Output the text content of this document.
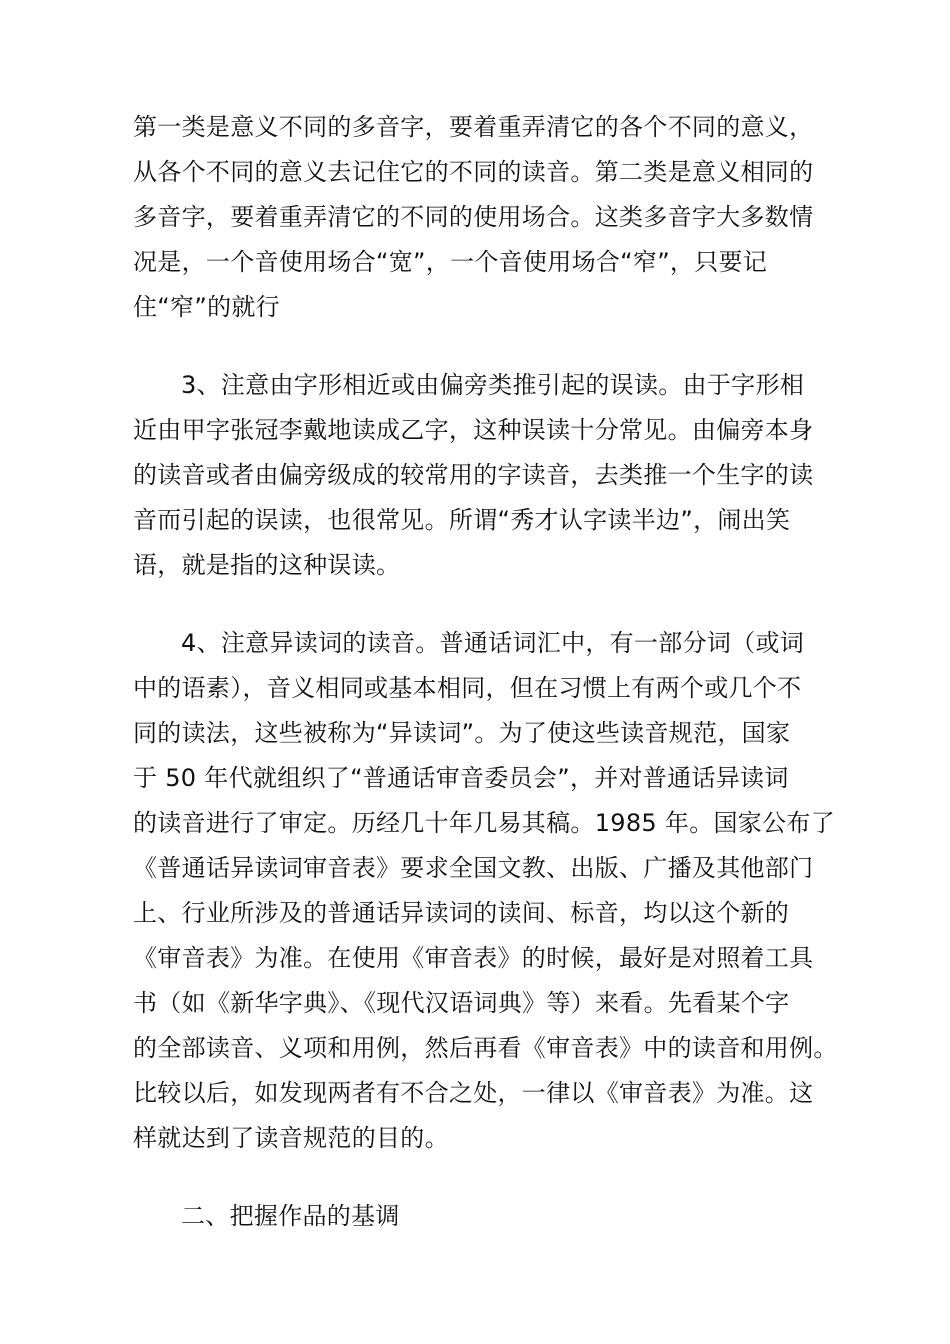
第一类是意义不同的多音字，要着重弄清它的各个不同的意义，
从各个不同的意义去记住它的不同的读音。第二类是意义相同的
多音字，要着重弄清它的不同的使用场合。这类多音字大多数情
况是，一个音使用场合“宽”，一个音使用场合“窄”，只要记
住“窄”的就行
3、注意由字形相近或由偏旁类推引起的误读。由于字形相
近由甲字张冠李戴地读成乙字，这种误读十分常见。由偏旁本身
的读音或者由偏旁级成的较常用的字读音，去类推一个生字的读
音而引起的误读，也很常见。所谓“秀才认字读半边”，闹出笑
语，就是指的这种误读。
4、注意异读词的读音。普通话词汇中，有一部分词（或词
中的语素），音义相同或基本相同，但在习惯上有两个或几个不
同的读法，这些被称为“异读词”。为了使这些读音规范，国家
于 50 年代就组织了“普通话审音委员会”，并对普通话异读词
的读音进行了审定。历经几十年几易其稿。1985 年。国家公布了
《普通话异读词审音表》要求全国文教、出版、广播及其他部门
上、行业所涉及的普通话异读词的读间、标音，均以这个新的
《审音表》为准。在使用《审音表》的时候，最好是对照着工具
书（如《新华字典》、《现代汉语词典》等）来看。先看某个字
的全部读音、义项和用例，然后再看《审音表》中的读音和用例。
比较以后，如发现两者有不合之处，一律以《审音表》为准。这
样就达到了读音规范的目的。
二、把握作品的基调
